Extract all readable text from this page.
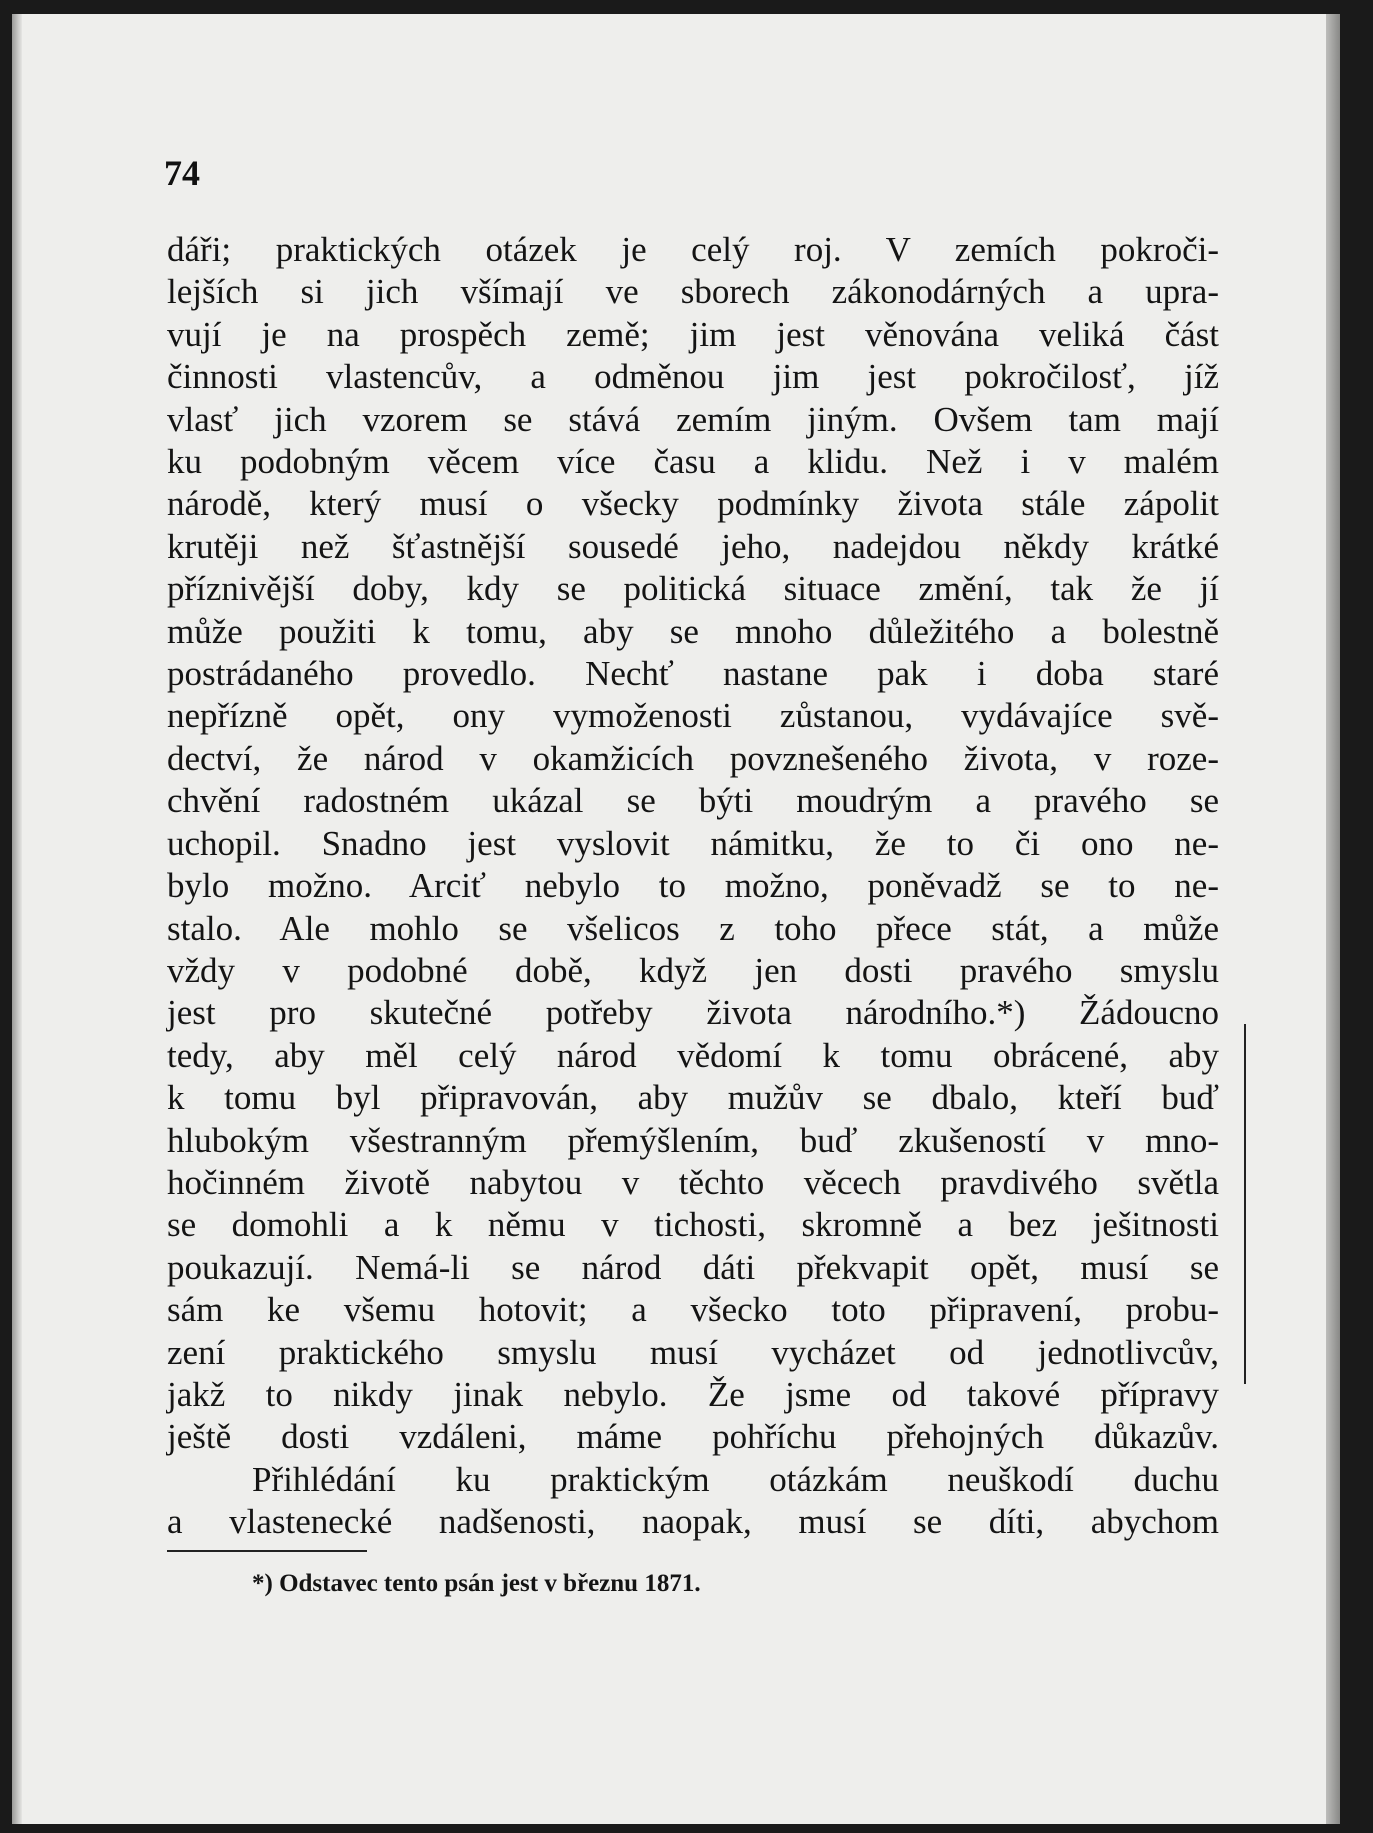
74
dáři; praktických otázek je celý roj. V zemích pokroči-
lejších si jich všímají ve sborech zákonodárných a upra-
vují je na prospěch země; jim jest věnována veliká část
činnosti vlastencův, a odměnou jim jest pokročilosť, jíž
vlasť jich vzorem se stává zemím jiným. Ovšem tam mají
ku podobným věcem více času a klidu. Než i v malém
národě, který musí o všecky podmínky života stále zápolit
krutěji než šťastnější sousedé jeho, nadejdou někdy krátké
přízniv​ější doby, kdy se politická situace změní, tak že jí
může použiti k tomu, aby se mnoho důležitého a bolestně
postrádaného provedlo. Nechť nastane pak i doba staré
nepřízně opět, ony vymoženosti zůstanou, vydávajíce svě-
dectví, že národ v okamžicích povznešeného života, v roze-
chvění radostném ukázal se býti moudrým a pravého se
uchopil. Snadno jest vyslovit námitku, že to či ono ne-
bylo možno. Arciť nebylo to možno, poněvadž se to ne-
stalo. Ale mohlo se všelicos z toho přece stát, a může
vždy v podobné době, když jen dosti pravého smyslu
jest pro skutečné potřeby života národního.*) Žádoucno
tedy, aby měl celý národ vědomí k tomu obrácené, aby
k tomu byl připravován, aby mužův se dbalo, kteří buď
hlubokým všestranným přemýšlením, buď zkušeností v mno-
hočinném životě nabytou v těchto věcech pravdivého světla
se domohli a k němu v tichosti, skromně a bez ješitnosti
poukazují. Nemá-li se národ dáti překvapit opět, musí se
sám ke všemu hotovit; a všecko toto připravení, probu-
zení praktického smyslu musí vycházet od jednotlivcův,
jakž to nikdy jinak nebylo. Že jsme od takové přípravy
ještě dosti vzdáleni, máme pohříchu přehojných důkazův.
Přihlédání ku praktickým otázkám neuškodí duchu
a vlastenecké nadšenosti, naopak, musí se díti, abychom
*) Odstavec tento psán jest v březnu 1871.
